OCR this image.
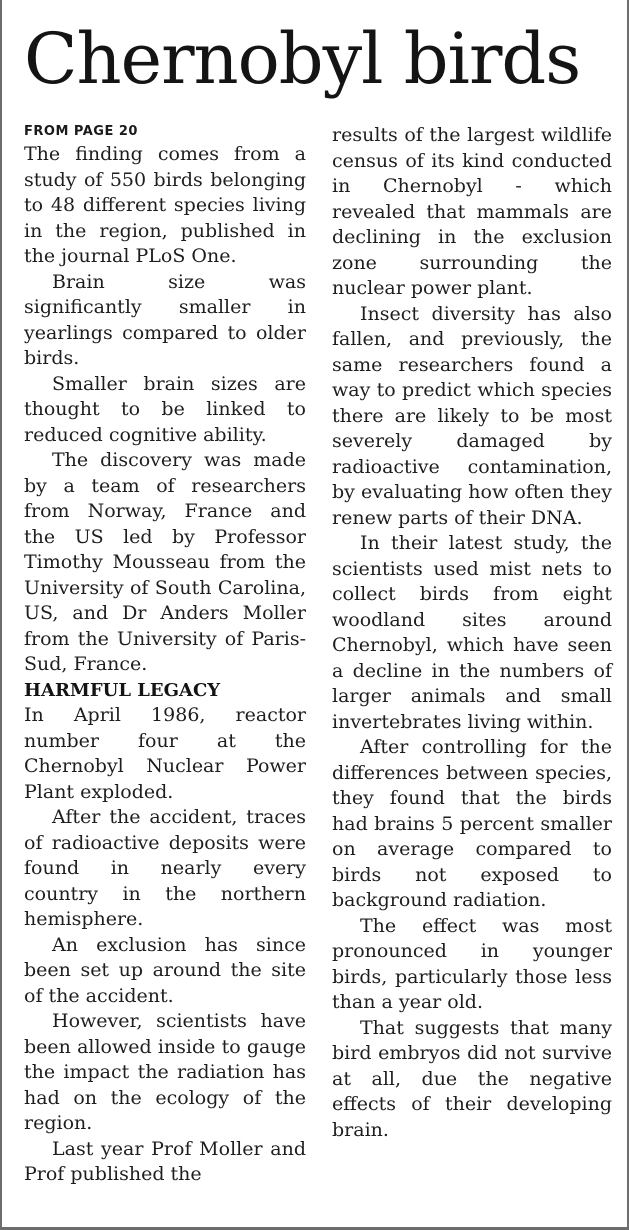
Chernobyl birds
FROM PAGE 20

The finding comes from a study of 550 birds belonging to 48 different species living in the region, published in the journal PLoS One.

Brain size was significantly smaller in yearlings compared to older birds.

Smaller brain sizes are thought to be linked to reduced cognitive ability.

The discovery was made by a team of researchers from Norway, France and the US led by Professor Timothy Mousseau from the University of South Carolina, US, and Dr Anders Moller from the University of Paris-Sud, France.

HARMFUL LEGACY

In April 1986, reactor number four at the Chernobyl Nuclear Power Plant exploded.

After the accident, traces of radioactive deposits were found in nearly every country in the northern hemisphere.

An exclusion has since been set up around the site of the accident.

However, scientists have been allowed inside to gauge the impact the radiation has had on the ecology of the region.

Last year Prof Moller and Prof published the

results of the largest wildlife census of its kind conducted in Chernobyl - which revealed that mammals are declining in the exclusion zone surrounding the nuclear power plant.

Insect diversity has also fallen, and previously, the same researchers found a way to predict which species there are likely to be most severely damaged by radioactive contamination, by evaluating how often they renew parts of their DNA.

In their latest study, the scientists used mist nets to collect birds from eight woodland sites around Chernobyl, which have seen a decline in the numbers of larger animals and small invertebrates living within.

After controlling for the differences between species, they found that the birds had brains 5 percent smaller on average compared to birds not exposed to background radiation.

The effect was most pronounced in younger birds, particularly those less than a year old.

That suggests that many bird embryos did not survive at all, due the negative effects of their developing brain.
